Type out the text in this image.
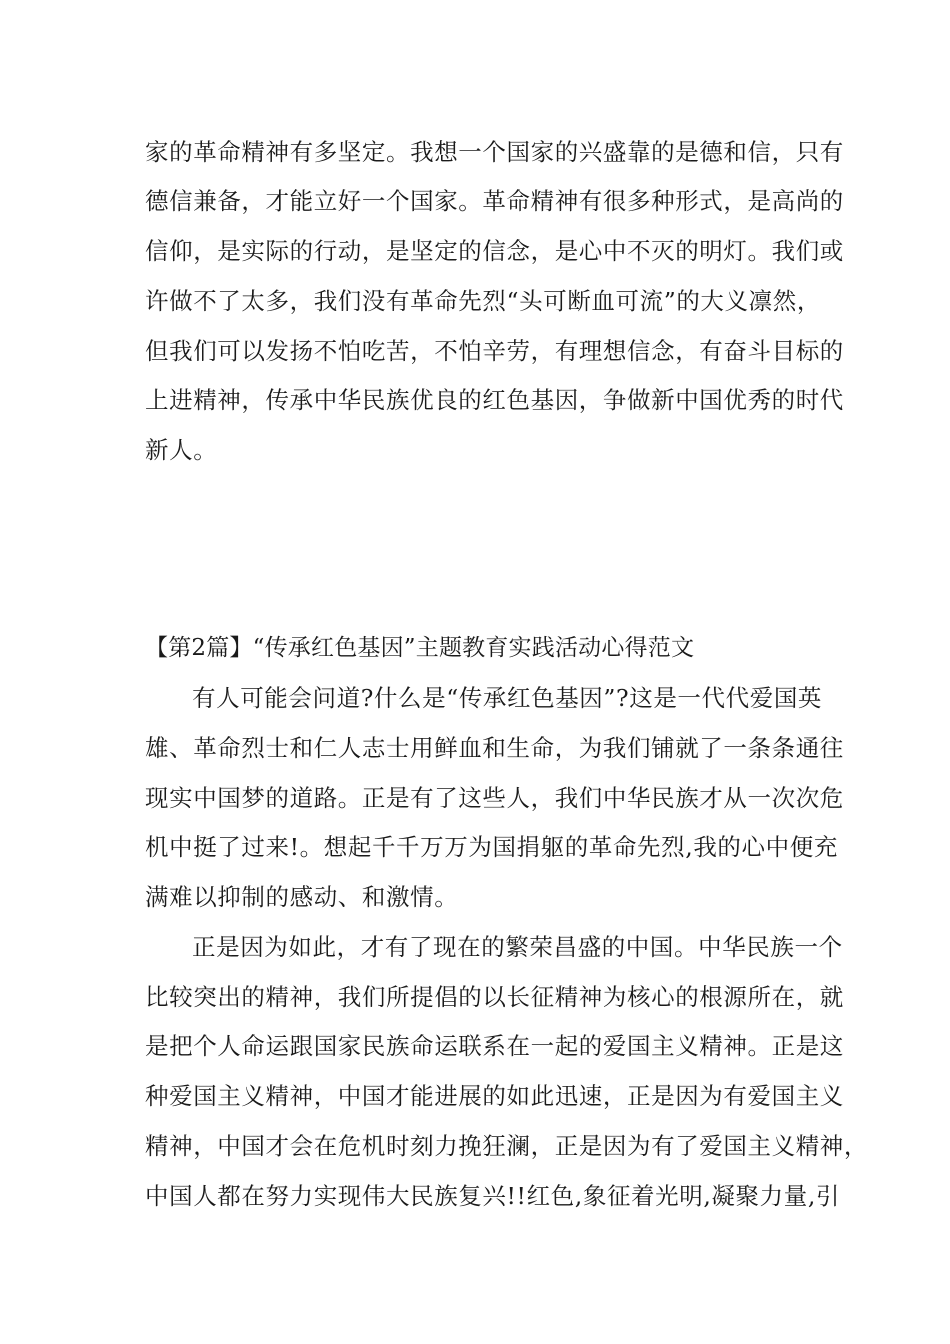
家的革命精神有多坚定。我想一个国家的兴盛靠的是德和信，只有
德信兼备，才能立好一个国家。革命精神有很多种形式，是高尚的
信仰，是实际的行动，是坚定的信念，是心中不灭的明灯。我们或
许做不了太多，我们没有革命先烈“头可断血可流”的大义凛然，
但我们可以发扬不怕吃苦，不怕辛劳，有理想信念，有奋斗目标的
上进精神，传承中华民族优良的红色基因，争做新中国优秀的时代
新人。
【第2篇】“传承红色基因”主题教育实践活动心得范文
有人可能会问道?什么是“传承红色基因”?这是一代代爱国英
雄、革命烈士和仁人志士用鲜血和生命，为我们铺就了一条条通往
现实中国梦的道路。正是有了这些人，我们中华民族才从一次次危
机中挺了过来!。想起千千万万为国捐躯的革命先烈,我的心中便充
满难以抑制的感动、和激情。
正是因为如此，才有了现在的繁荣昌盛的中国。中华民族一个
比较突出的精神，我们所提倡的以长征精神为核心的根源所在，就
是把个人命运跟国家民族命运联系在一起的爱国主义精神。正是这
种爱国主义精神，中国才能进展的如此迅速，正是因为有爱国主义
精神，中国才会在危机时刻力挽狂澜，正是因为有了爱国主义精神，
中国人都在努力实现伟大民族复兴!!红色,象征着光明,凝聚力量,引
